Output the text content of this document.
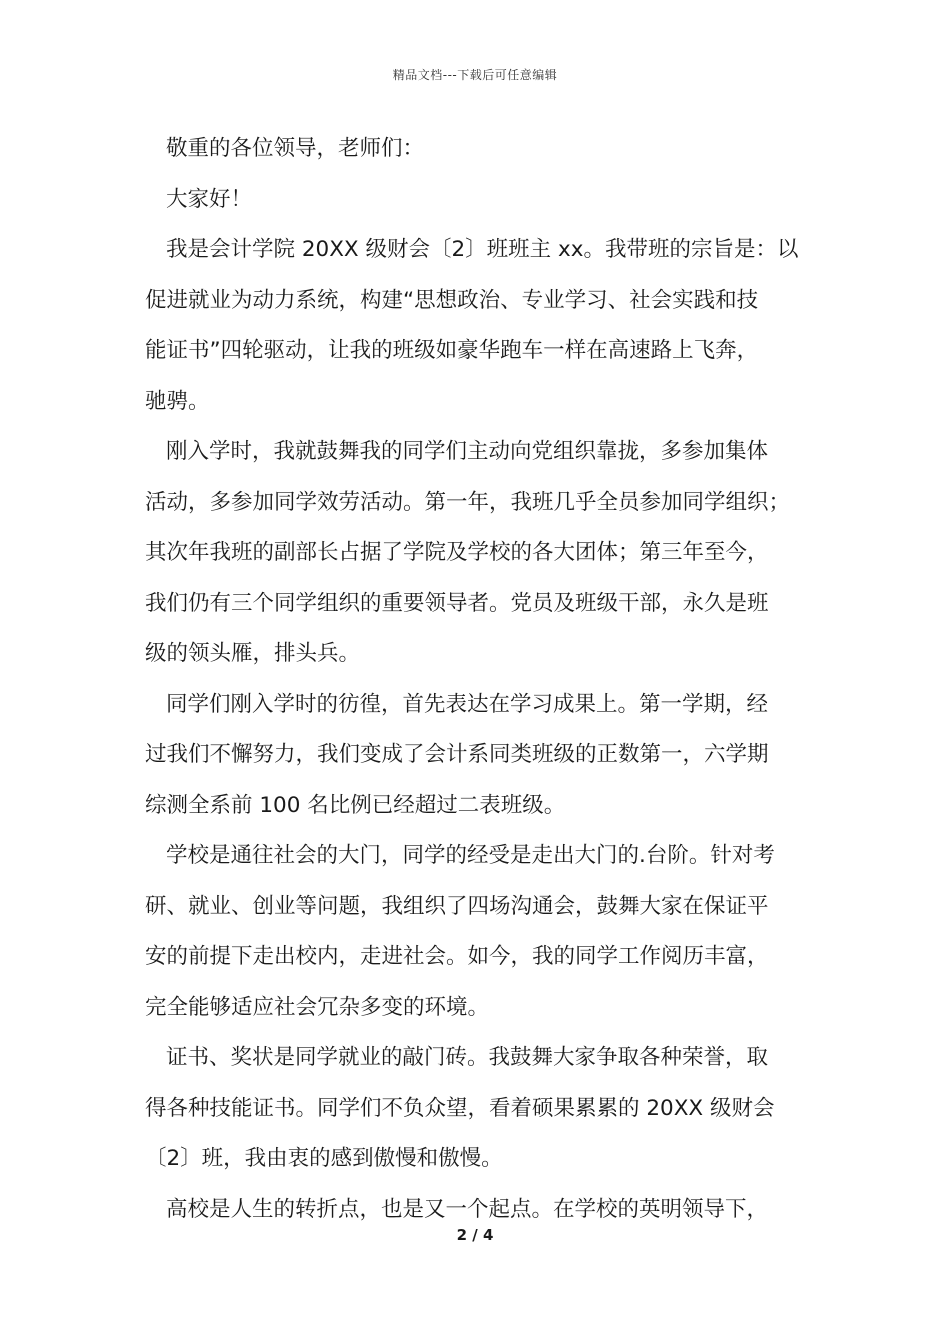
精品文档---下载后可任意编辑
敬重的各位领导，老师们：
大家好！
我是会计学院 20XX 级财会〔2〕班班主 xx。我带班的宗旨是：以
促进就业为动力系统，构建“思想政治、专业学习、社会实践和技
能证书”四轮驱动，让我的班级如豪华跑车一样在高速路上飞奔，
驰骋。
刚入学时，我就鼓舞我的同学们主动向党组织靠拢，多参加集体
活动，多参加同学效劳活动。第一年，我班几乎全员参加同学组织；
其次年我班的副部长占据了学院及学校的各大团体；第三年至今，
我们仍有三个同学组织的重要领导者。党员及班级干部，永久是班
级的领头雁，排头兵。
同学们刚入学时的彷徨，首先表达在学习成果上。第一学期，经
过我们不懈努力，我们变成了会计系同类班级的正数第一，六学期
综测全系前 100 名比例已经超过二表班级。
学校是通往社会的大门，同学的经受是走出大门的.台阶。针对考
研、就业、创业等问题，我组织了四场沟通会，鼓舞大家在保证平
安的前提下走出校内，走进社会。如今，我的同学工作阅历丰富，
完全能够适应社会冗杂多变的环境。
证书、奖状是同学就业的敲门砖。我鼓舞大家争取各种荣誉，取
得各种技能证书。同学们不负众望，看着硕果累累的 20XX 级财会
〔2〕班，我由衷的感到傲慢和傲慢。
高校是人生的转折点，也是又一个起点。在学校的英明领导下，
2 / 4
